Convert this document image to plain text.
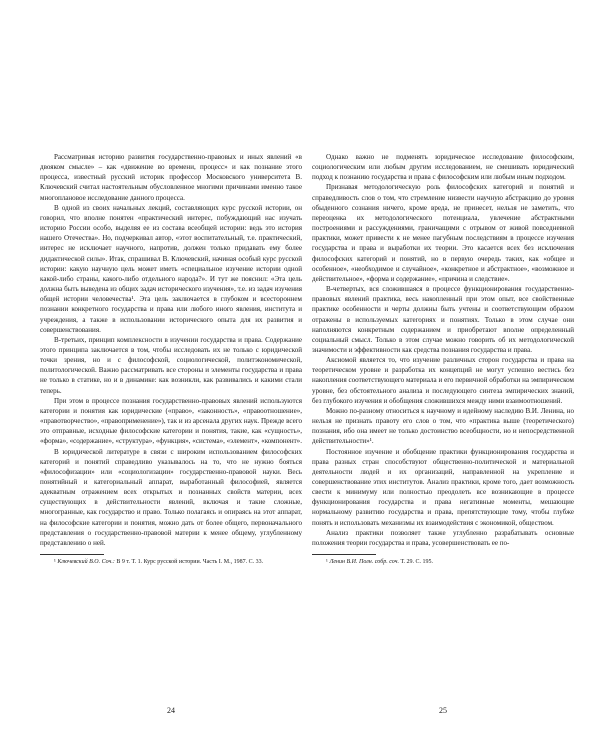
Рассматривая историю развития государственно-правовых и иных явлений «в двояком смысле» – как «движение во времени, процесс» и как познание этого процесса, известный русский историк профессор Московского университета В. Ключевский считал настоятельным обусловленное многими причинами именно такое многоплановое исследование данного процесса.

В одной из своих начальных лекций, составляющих курс русской истории, он говорил, что вполне понятен «практический интерес, побуждающий нас изучать историю России особо, выделяя ее из состава всеобщей истории: ведь это история нашего Отечества». Но, подчеркивал автор, «этот воспитательный, т.е. практический, интерес не исключает научного, напротив, должен только придавать ему более дидактической силы». Итак, спрашивал В. Ключевский, начиная особый курс русской истории: какую научную цель может иметь «специальное изучение истории одной какой-либо страны, какого-либо отдельного народа?». И тут же пояснил: «Эта цель должна быть выведена из общих задач исторического изучения», т.е. из задач изучения общей истории человечества¹. Эта цель заключается в глубоком и всестороннем познании конкретного государства и права или любого иного явления, института и учреждения, а также в использовании исторического опыта для их развития и совершенствования.

В-третьих, принцип комплексности в изучении государства и права. Содержание этого принципа заключается в том, чтобы исследовать их не только с юридической точки зрения, но и с философской, социологической, политэкономической, политологической. Важно рассматривать все стороны и элементы государства и права не только в статике, но и в динамике: как возникли, как развивались и какими стали теперь.

При этом в процессе познания государственно-правовых явлений используются категории и понятия как юридические («право», «законность», «правоотношение», «правотворчество», «правоприменение»), так и из арсенала других наук. Прежде всего это отправные, исходные философские категории и понятия, такие, как «сущность», «форма», «содержание», «структура», «функция», «система», «элемент», «компонент».

В юридической литературе в связи с широким использованием философских категорий и понятий справедливо указывалось на то, что не нужно бояться «философизации» или «социологизации» государственно-правовой науки. Весь понятийный и категориальный аппарат, выработанный философией, является адекватным отражением всех открытых и познанных свойств материи, всех существующих в действительности явлений, включая и такие сложные, многогранные, как государство и право. Только полагаясь и опираясь на этот аппарат, на философские категории и понятия, можно дать от более общего, первоначального представления о государственно-правовой материи к менее общему, углубленному представлению о ней.

¹ Ключевский В.О. Соч.: В 9 т. Т. 1. Курс русской истории. Часть I. М., 1987. С. 33.

Однако важно не подменять юридическое исследование философским, социологическим или любым другим исследованием, не смешивать юридический подход к познанию государства и права с философским или любым иным подходом.

Признавая методологическую роль философских категорий и понятий и справедливость слов о том, что стремление низвести научную абстракцию до уровня обыденного сознания ничего, кроме вреда, не принесет, нельзя не заметить, что переоценка их методологического потенциала, увлечение абстрактными построениями и рассуждениями, граничащими с отрывом от живой повседневной практики, может привести к не менее пагубным последствиям в процессе изучения государства и права и выработки их теории. Это касается всех без исключения философских категорий и понятий, но в первую очередь таких, как «общее и особенное», «необходимое и случайное», «конкретное и абстрактное», «возможное и действительное», «форма и содержание», «причина и следствие».

В-четвертых, вся сложившаяся в процессе функционирования государственно-правовых явлений практика, весь накопленный при этом опыт, все свойственные практике особенности и черты должны быть учтены и соответствующим образом отражены в используемых категориях и понятиях. Только в этом случае они наполняются конкретным содержанием и приобретают вполне определенный социальный смысл. Только в этом случае можно говорить об их методологической значимости и эффективности как средства познания государства и права.

Аксиомой является то, что изучение различных сторон государства и права на теоретическом уровне и разработка их концепций не могут успешно вестись без накопления соответствующего материала и его первичной обработки на эмпирическом уровне, без обстоятельного анализа и последующего синтеза эмпирических знаний, без глубокого изучения и обобщения сложившихся между ними взаимоотношений.

Можно по-разному относиться к научному и идейному наследию В.И. Ленина, но нельзя не признать правоту его слов о том, что «практика выше (теоретического) познания, ибо она имеет не только достоинство всеобщности, но и непосредственной действительности»¹.

Постоянное изучение и обобщение практики функционирования государства и права разных стран способствуют общественно-политической и материальной деятельности людей и их организаций, направленной на укрепление и совершенствование этих институтов. Анализ практики, кроме того, дает возможность свести к минимуму или полностью преодолеть все возникающие в процессе функционирования государства и права негативные моменты, мешающие нормальному развитию государства и права, препятствующие тому, чтобы глубже понять и использовать механизмы их взаимодействия с экономикой, обществом.

Анализ практики позволяет также углубленно разрабатывать основные положения теории государства и права, усовершенствовать ее по-

¹ Ленин В.И. Полн. собр. соч. Т. 29. С. 195.

24	25
